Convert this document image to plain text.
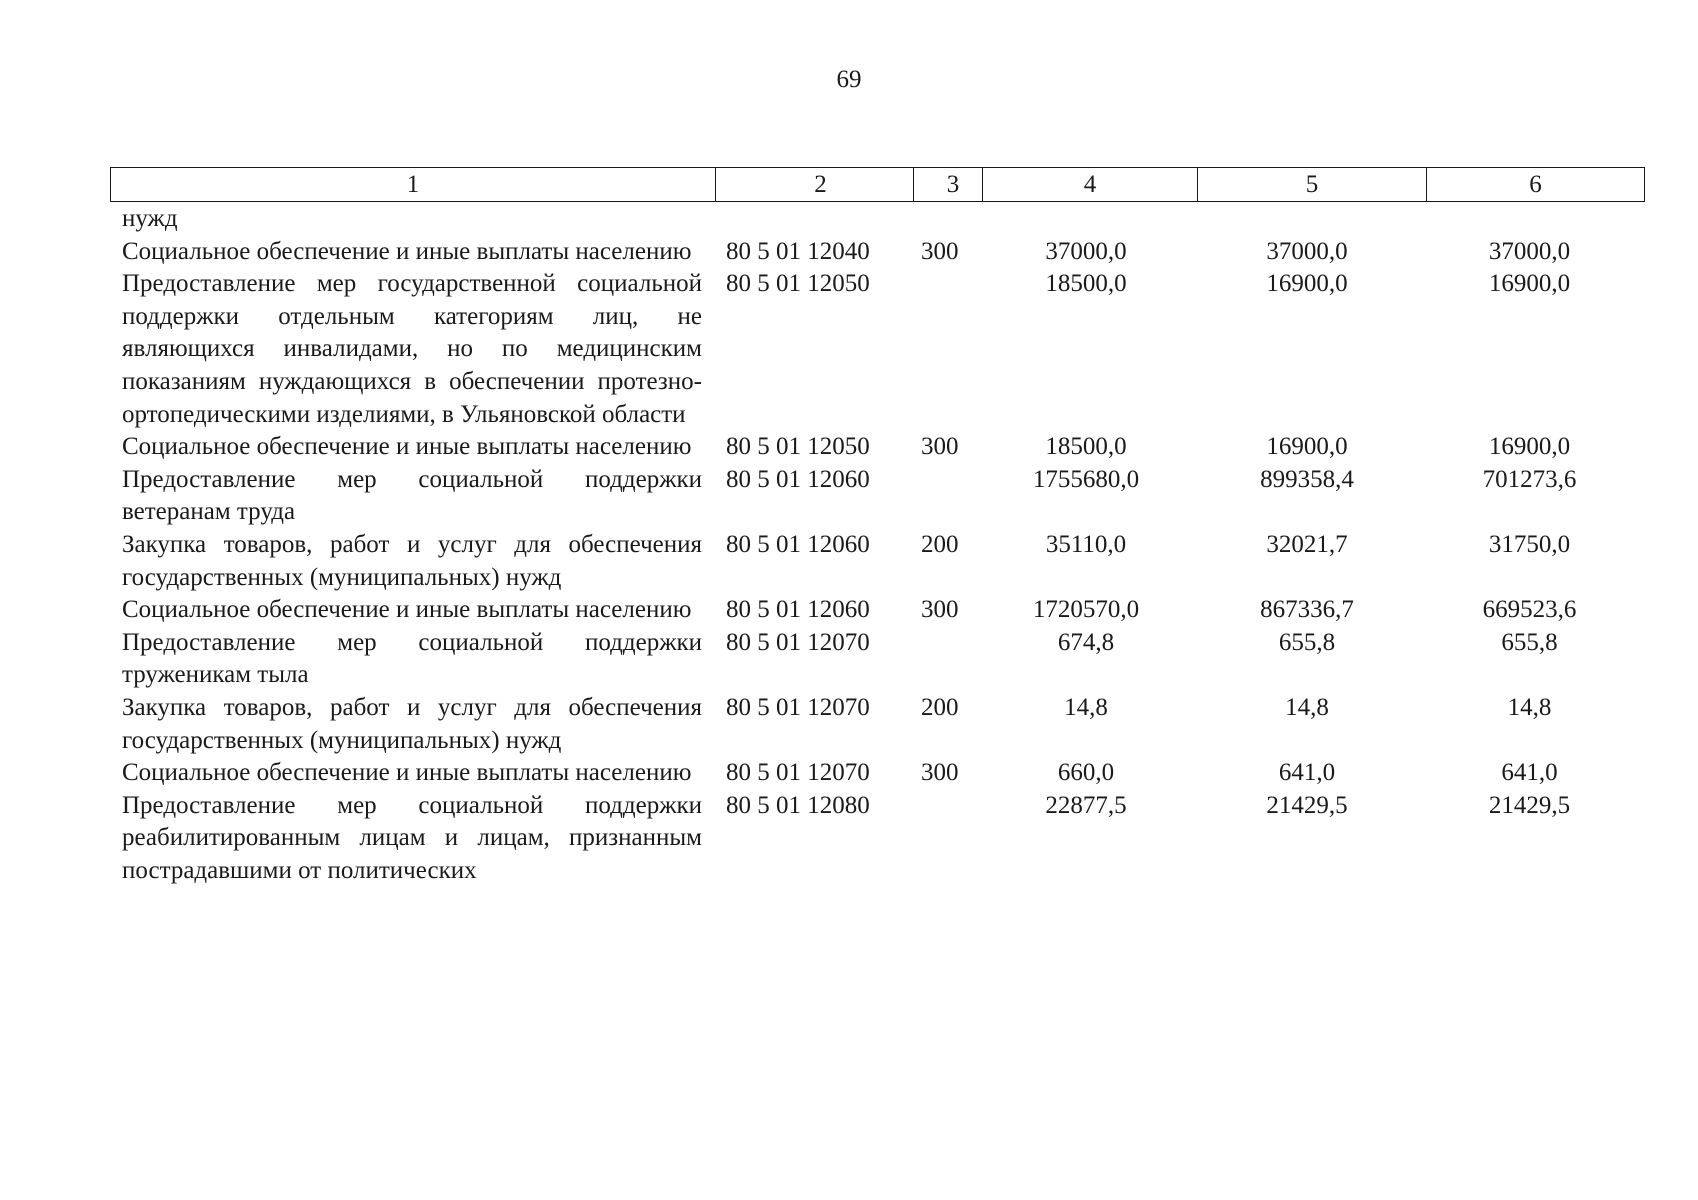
69
1	2	3	4	5	6
нужд					
Социальное обеспечение и иные выплаты населению	80 5 01 12040	300	37000,0	37000,0	37000,0
Предоставление мер государственной социальной поддержки отдельным категориям лиц, не являющихся инвалидами, но по медицинским показаниям нуждающихся в обеспечении протезно-ортопедическими изделиями, в Ульяновской области	80 5 01 12050		18500,0	16900,0	16900,0
Социальное обеспечение и иные выплаты населению	80 5 01 12050	300	18500,0	16900,0	16900,0
Предоставление мер социальной поддержки ветеранам труда	80 5 01 12060		1755680,0	899358,4	701273,6
Закупка товаров, работ и услуг для обеспечения государственных (муниципальных) нужд	80 5 01 12060	200	35110,0	32021,7	31750,0
Социальное обеспечение и иные выплаты населению	80 5 01 12060	300	1720570,0	867336,7	669523,6
Предоставление мер социальной поддержки труженикам тыла	80 5 01 12070		674,8	655,8	655,8
Закупка товаров, работ и услуг для обеспечения государственных (муниципальных) нужд	80 5 01 12070	200	14,8	14,8	14,8
Социальное обеспечение и иные выплаты населению	80 5 01 12070	300	660,0	641,0	641,0
Предоставление мер социальной поддержки реабилитированным лицам и лицам, признанным пострадавшими от политических	80 5 01 12080		22877,5	21429,5	21429,5
